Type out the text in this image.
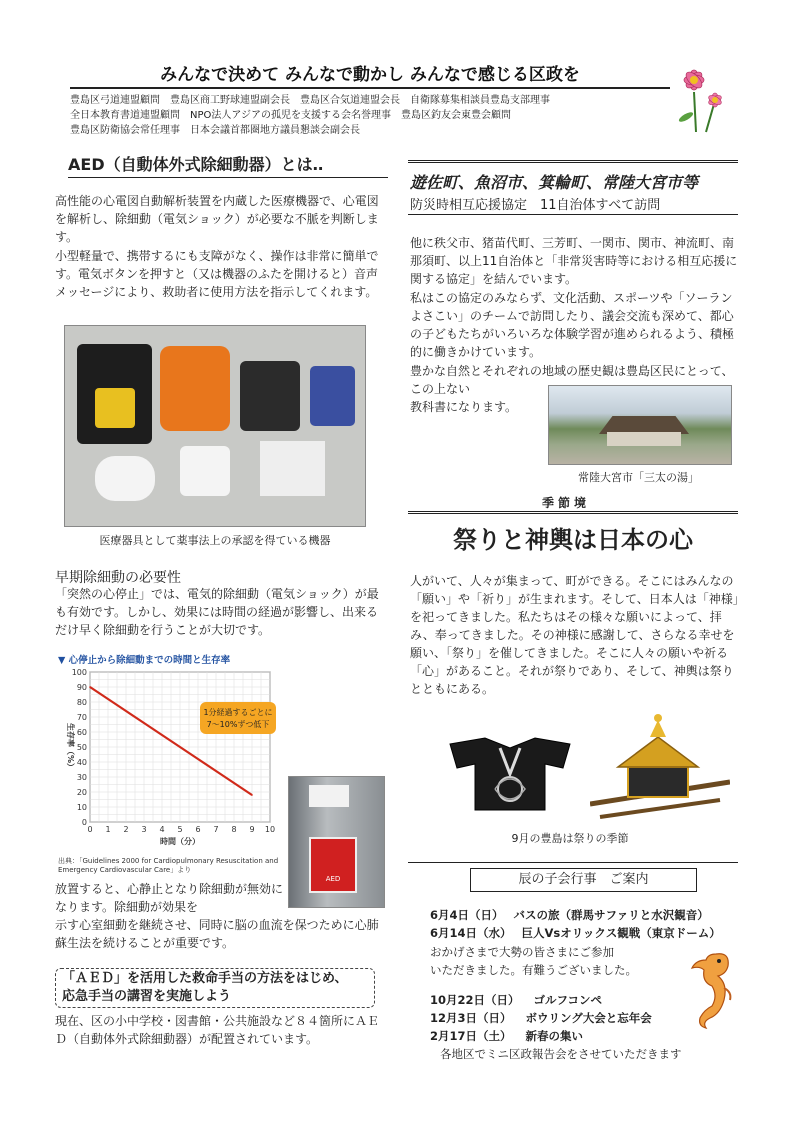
みんなで決めて みんなで動かし みんなで感じる区政を
豊島区弓道連盟顧問　豊島区商工野球連盟副会長　豊島区合気道連盟会長　自衛隊募集相談員豊島支部理事
全日本教育書道連盟顧問　NPO法人アジアの孤児を支援する会名誉理事　豊島区釣友会東豊会顧問
豊島区防衛協会常任理事　日本会議首都圏地方議員懇談会副会長
AED（自動体外式除細動器）とは‥

高性能の心電図自動解析装置を内蔵した医療機器で、心電図を解析し、除細動（電気ショック）が必要な不脈を判断します。

小型軽量で、携帯するにも支障がなく、操作は非常に簡単です。電気ボタンを押すと（又は機器のふたを開けると）音声メッセージにより、救助者に使用方法を指示してくれます。

医療器具として薬事法上の承認を得ている機器
早期除細動の必要性

「突然の心停止」では、電気的除細動（電気ショック）が最も有効です。しかし、効果には時間の経過が影響し、出来るだけ早く除細動を行うことが大切です。

▼ 心停止から除細動までの時間と生存率
0
10
20
30
40
50
60
70
80
90
100
0 1 2 3 4 5 6 7 8 9 10
1分経過するごとに
7〜10%ずつ低下
時間（分）
生存率（%）
出典：「Guidelines 2000 for Cardiopulmonary Resuscitation and Emergency Cardiovascular Care」より
AED

放置すると、心静止となり除細動が無効になります。除細動が効果を

示す心室細動を継続させ、同時に脳の血流を保つために心肺蘇生法を続けることが重要です。

「ＡＥＤ」を活用した救命手当の方法をはじめ、
応急手当の講習を実施しよう

現在、区の小中学校・図書館・公共施設など８４箇所にＡＥＤ（自動体外式除細動器）が配置されています。

遊佐町、魚沼市、箕輪町、常陸大宮市等
防災時相互応援協定　11自治体すべて訪問

他に秩父市、猪苗代町、三芳町、一関市、関市、神流町、南那須町、以上11自治体と「非常災害時等における相互応援に関する協定」を結んでいます。

私はこの協定のみならず、文化活動、スポーツや「ソーランよさこい」のチームで訪問したり、議会交流も深めて、都心の子どもたちがいろいろな体験学習が進められるよう、積極的に働きかけています。

豊かな自然とそれぞれの地域の歴史観は豊島区民にとって、この上ない

教科書になります。

常陸大宮市「三太の湯」
季節境
祭りと神輿は日本の心

人がいて、人々が集まって、町ができる。そこにはみんなの「願い」や「祈り」が生まれます。そして、日本人は「神様」を祀ってきました。私たちはその様々な願いによって、拝み、奉ってきました。その神様に感謝して、さらなる幸せを願い、「祭り」を催してきました。そこに人々の願いや祈る「心」があること。それが祭りであり、そして、神輿は祭りとともにある。

9月の豊島は祭りの季節
辰の子会行事　ご案内
6月4日（日） バスの旅（群馬サファリと水沢観音）
6月14日（水） 巨人Vsオリックス観戦（東京ドーム）
おかげさまで大勢の皆さまにご参加
いただきました。有難うございました。
10月22日（日） ゴルフコンペ
12月3日（日） ボウリング大会と忘年会
2月17日（土） 新春の集い
各地区でミニ区政報告会をさせていただきます
